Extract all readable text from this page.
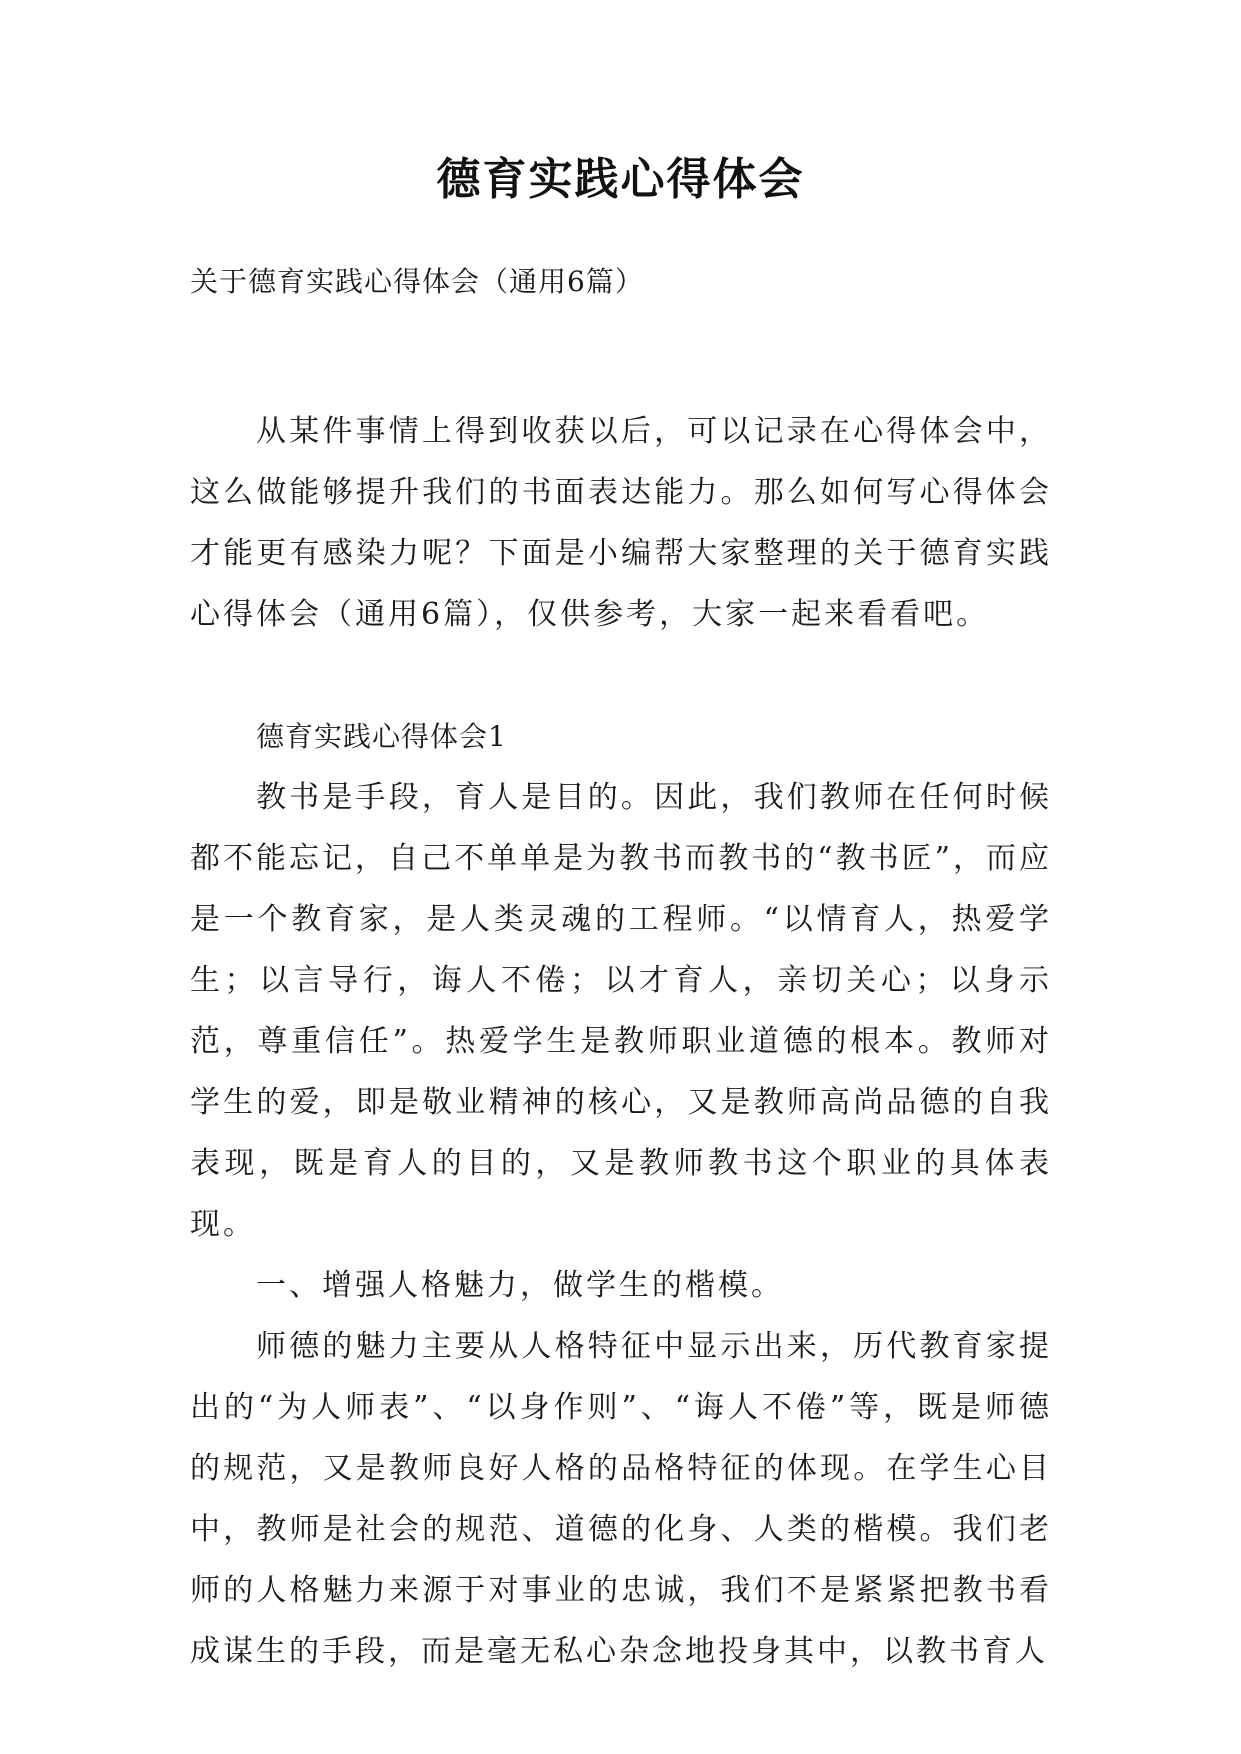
德育实践心得体会
关于德育实践心得体会（通用6篇）

从某件事情上得到收获以后，可以记录在心得体会中，这么做能够提升我们的书面表达能力。那么如何写心得体会才能更有感染力呢？下面是小编帮大家整理的关于德育实践心得体会（通用6篇），仅供参考，大家一起来看看吧。

德育实践心得体会1

教书是手段，育人是目的。因此，我们教师在任何时候都不能忘记，自己不单单是为教书而教书的“教书匠”，而应是一个教育家，是人类灵魂的工程师。“以情育人，热爱学生；以言导行，诲人不倦；以才育人，亲切关心；以身示范，尊重信任”。热爱学生是教师职业道德的根本。教师对学生的爱，即是敬业精神的核心，又是教师高尚品德的自我表现，既是育人的目的，又是教师教书这个职业的具体表现。

一、增强人格魅力，做学生的楷模。

师德的魅力主要从人格特征中显示出来，历代教育家提出的“为人师表”、“以身作则”、“诲人不倦”等，既是师德的规范，又是教师良好人格的品格特征的体现。在学生心目中，教师是社会的规范、道德的化身、人类的楷模。我们老师的人格魅力来源于对事业的忠诚，我们不是紧紧把教书看成谋生的手段，而是毫无私心杂念地投身其中，以教书育人
